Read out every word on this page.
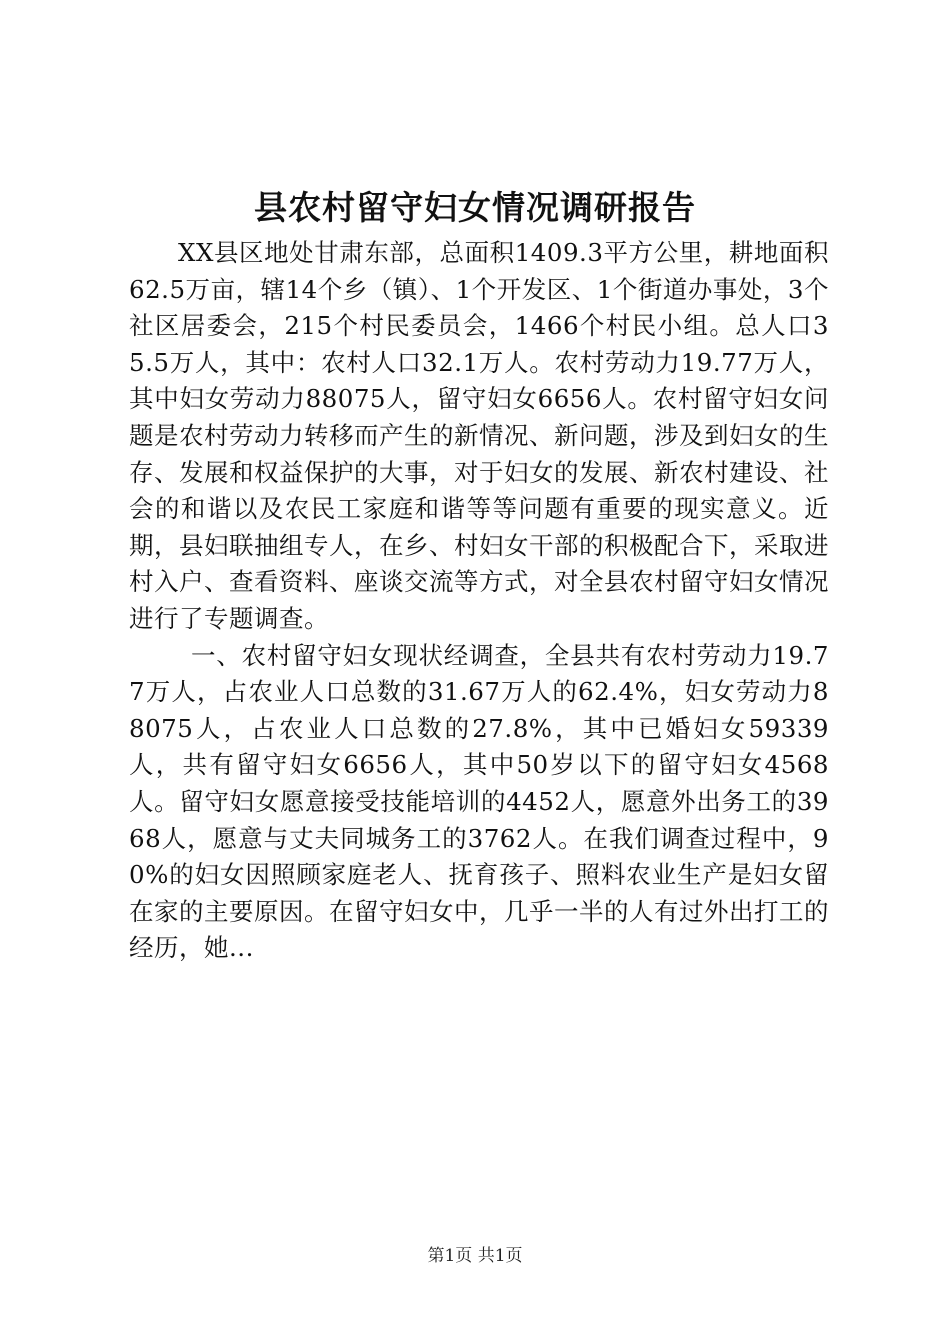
县农村留守妇女情况调研报告

XX县区地处甘肃东部，总面积1409.3平方公里，耕地面积62.5万亩，辖14个乡（镇）、1个开发区、1个街道办事处，3个社区居委会，215个村民委员会，1466个村民小组。总人口35.5万人，其中：农村人口32.1万人。农村劳动力19.77万人，其中妇女劳动力88075人，留守妇女6656人。农村留守妇女问题是农村劳动力转移而产生的新情况、新问题，涉及到妇女的生存、发展和权益保护的大事，对于妇女的发展、新农村建设、社会的和谐以及农民工家庭和谐等等问题有重要的现实意义。近期，县妇联抽组专人，在乡、村妇女干部的积极配合下，采取进村入户、查看资料、座谈交流等方式，对全县农村留守妇女情况进行了专题调查。

一、农村留守妇女现状经调查，全县共有农村劳动力19.77万人，占农业人口总数的31.67万人的62.4%，妇女劳动力88075人，占农业人口总数的27.8%，其中已婚妇女59339人，共有留守妇女6656人，其中50岁以下的留守妇女4568人。留守妇女愿意接受技能培训的4452人，愿意外出务工的3968人，愿意与丈夫同城务工的3762人。在我们调查过程中，90%的妇女因照顾家庭老人、抚育孩子、照料农业生产是妇女留在家的主要原因。在留守妇女中，几乎一半的人有过外出打工的经历，她...

第1页 共1页
